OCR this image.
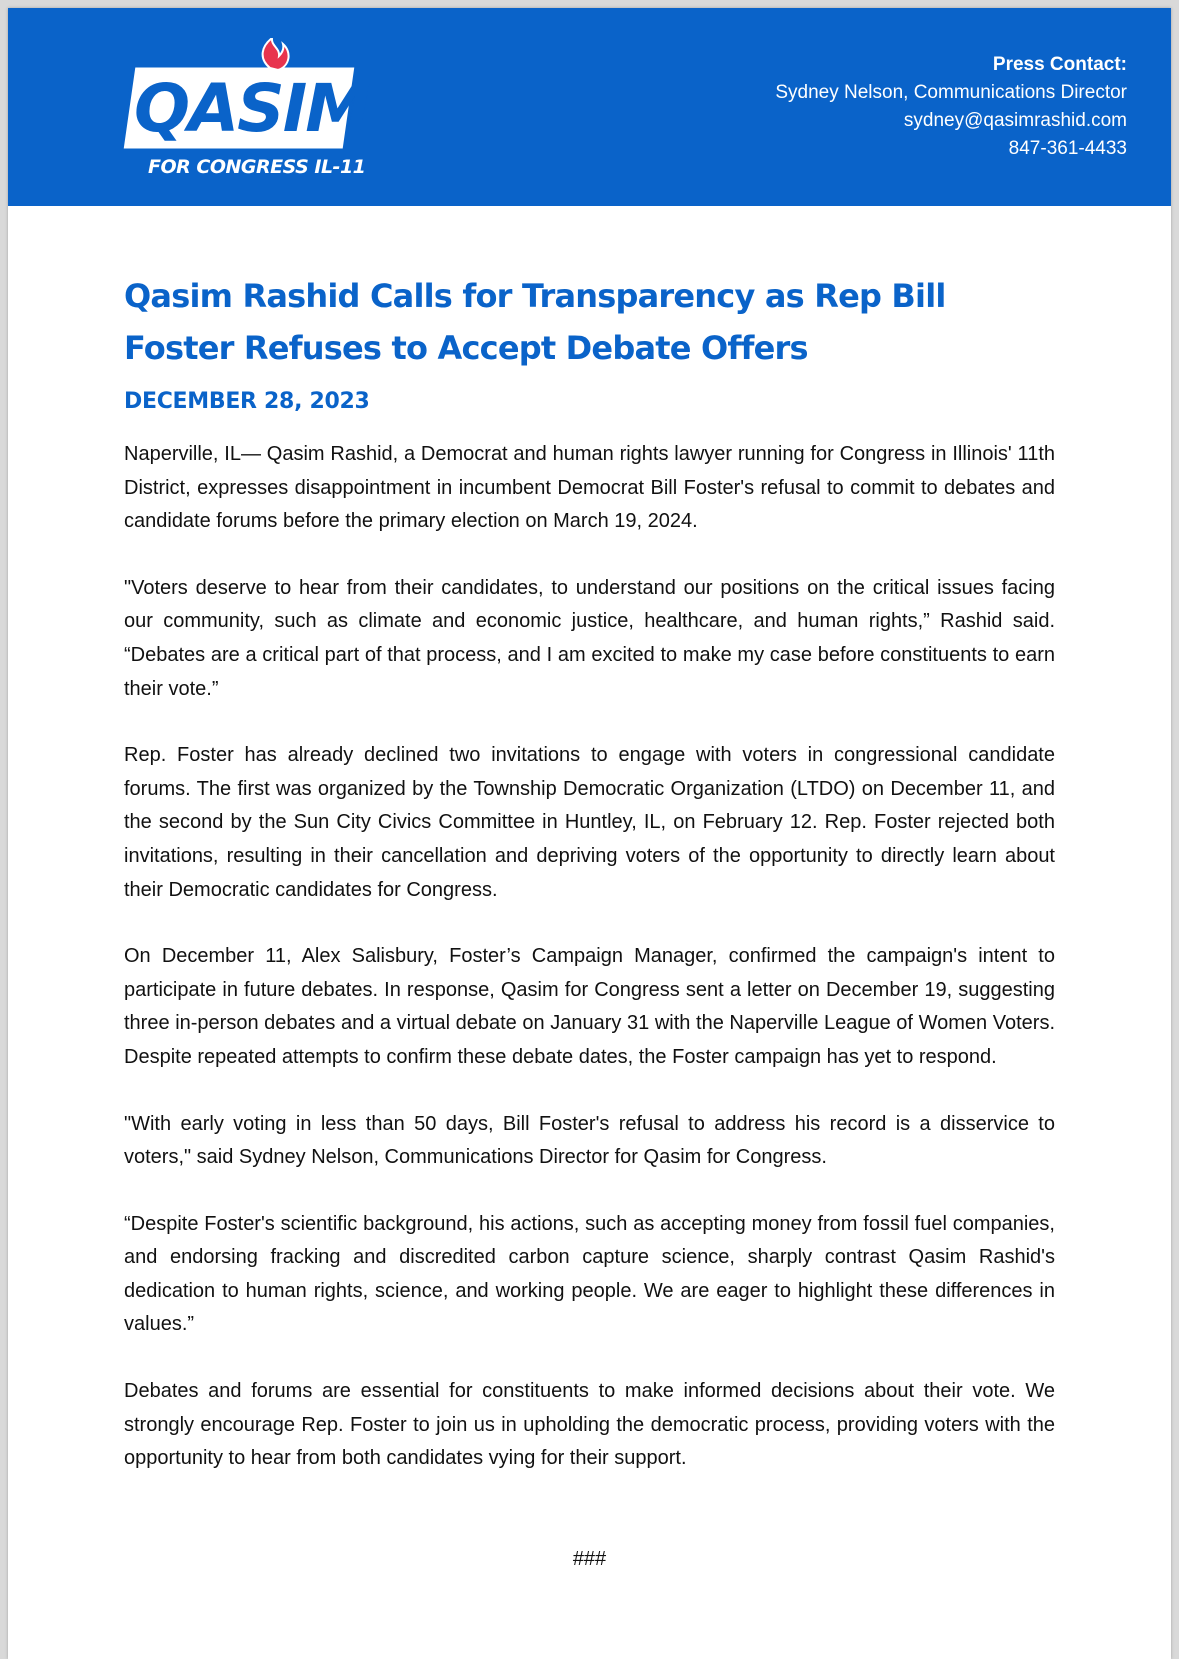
QASIM
FOR CONGRESS IL-11
Press Contact:
Sydney Nelson, Communications Director
sydney@qasimrashid.com
847-361-4433
Qasim Rashid Calls for Transparency as Rep Bill Foster Refuses to Accept Debate Offers
DECEMBER 28, 2023

Naperville, IL— Qasim Rashid, a Democrat and human rights lawyer running for Congress in Illinois' 11th District, expresses disappointment in incumbent Democrat Bill Foster's refusal to commit to debates and candidate forums before the primary election on March 19, 2024.

"Voters deserve to hear from their candidates, to understand our positions on the critical issues facing our community, such as climate and economic justice, healthcare, and human rights,” Rashid said. “Debates are a critical part of that process, and I am excited to make my case before constituents to earn their vote.”

Rep. Foster has already declined two invitations to engage with voters in congressional candidate forums. The first was organized by the Township Democratic Organization (LTDO) on December 11, and the second by the Sun City Civics Committee in Huntley, IL, on February 12. Rep. Foster rejected both invitations, resulting in their cancellation and depriving voters of the opportunity to directly learn about their Democratic candidates for Congress.

On December 11, Alex Salisbury, Foster’s Campaign Manager, confirmed the campaign's intent to participate in future debates. In response, Qasim for Congress sent a letter on December 19, suggesting three in-person debates and a virtual debate on January 31 with the Naperville League of Women Voters. Despite repeated attempts to confirm these debate dates, the Foster campaign has yet to respond.

"With early voting in less than 50 days, Bill Foster's refusal to address his record is a disservice to voters," said Sydney Nelson, Communications Director for Qasim for Congress.

“Despite Foster's scientific background, his actions, such as accepting money from fossil fuel companies, and endorsing fracking and discredited carbon capture science, sharply contrast Qasim Rashid's dedication to human rights, science, and working people. We are eager to highlight these differences in values.”

Debates and forums are essential for constituents to make informed decisions about their vote. We strongly encourage Rep. Foster to join us in upholding the democratic process, providing voters with the opportunity to hear from both candidates vying for their support.

###
